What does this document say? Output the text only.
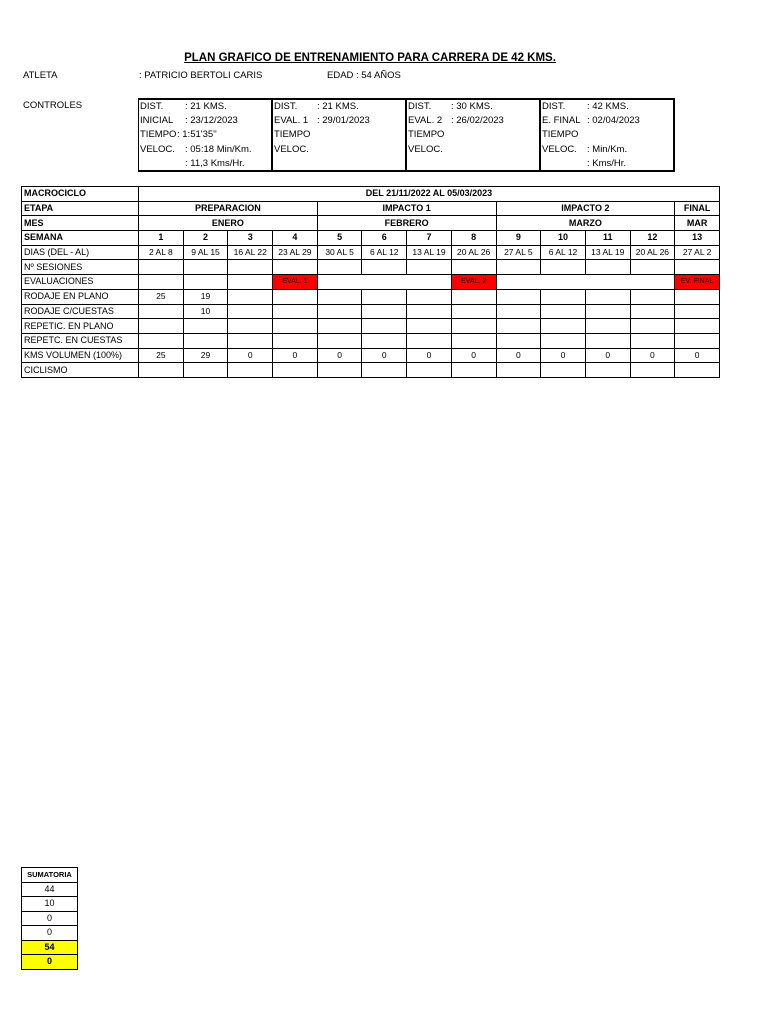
PLAN GRAFICO DE ENTRENAMIENTO PARA CARRERA DE 42 KMS.
ATLETA	: PATRICIO BERTOLI CARIS	EDAD : 54 AÑOS
CONTROLES	DIST. : 21 KMS.
INICIAL : 23/12/2023
TIEMPO : 1:51'35''
VELOC. : 05:18 Min/Km.
: 11,3 Kms/Hr.
DIST. : 21 KMS.
EVAL. 1 : 29/01/2023
TIEMPO
VELOC.
DIST. : 30 KMS.
EVAL. 2 : 26/02/2023
TIEMPO
VELOC.
DIST. : 42 KMS.
E. FINAL : 02/04/2023
TIEMPO
VELOC. : Min/Km.
: Kms/Hr.
MACROCICLO	DEL 21/11/2022 AL 05/03/2023												
ETAPA	PREPARACION				IMPACTO 1				IMPACTO 2				FINAL
MES	ENERO				FEBRERO				MARZO				MAR
SEMANA	1	2	3	4	5	6	7	8	9	10	11	12	13
DIAS (DEL - AL)	2 AL 8	9 AL 15	16 AL 22	23 AL 29	30 AL 5	6 AL 12	13 AL 19	20 AL 26	27 AL 5	6 AL 12	13 AL 19	20 AL 26	27 AL 2
Nº SESIONES													
EVALUACIONES				EVAL. 1				EVAL. 2					EV. FINAL
RODAJE EN PLANO	25	19											
RODAJE C/CUESTAS		10											
REPETIC. EN PLANO													
REPETC. EN CUESTAS													
KMS VOLUMEN (100%)	25	29	0	0	0	0	0	0	0	0	0	0	0
CICLISMO													
SUMATORIA
44
10
0
0
54
0
